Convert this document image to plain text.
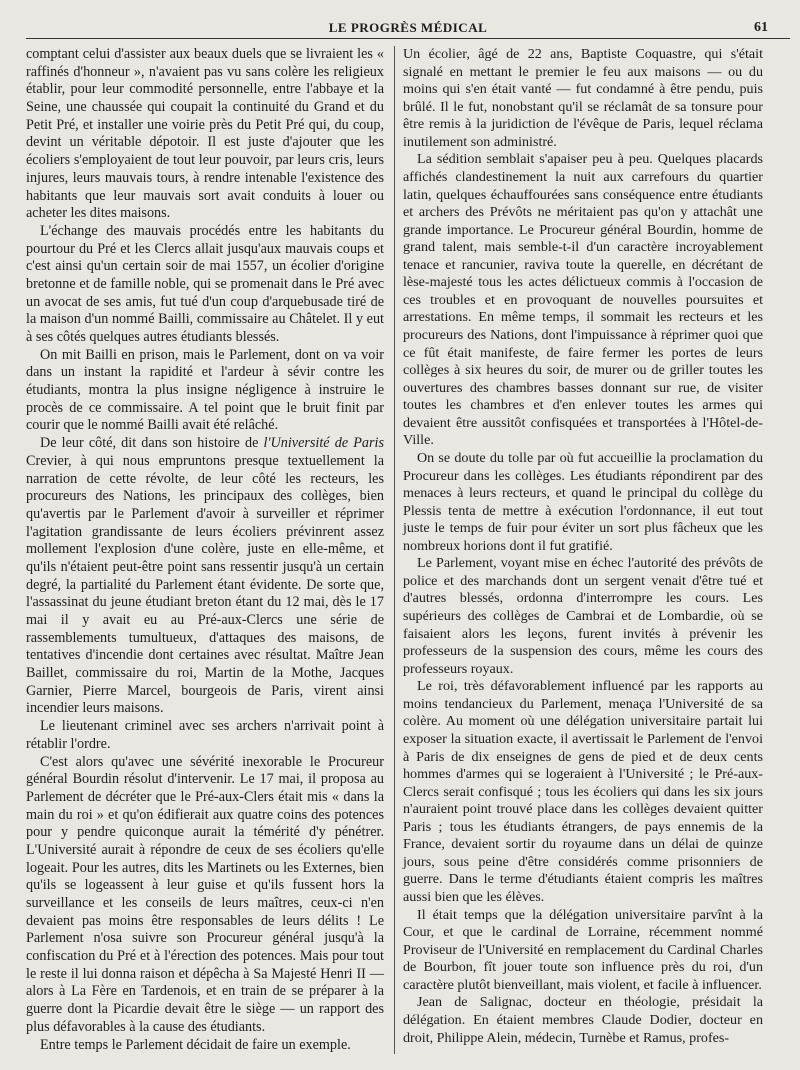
LE PROGRÈS MÉDICAL	61

comptant celui d'assister aux beaux duels que se livraient les « raffinés d'honneur », n'avaient pas vu sans colère les religieux établir, pour leur commodité personnelle, entre l'abbaye et la Seine, une chaussée qui coupait la continuité du Grand et du Petit Pré, et installer une voirie près du Petit Pré qui, du coup, devint un véritable dépotoir. Il est juste d'ajouter que les écoliers s'employaient de tout leur pouvoir, par leurs cris, leurs injures, leurs mauvais tours, à rendre intenable l'existence des habitants que leur mauvais sort avait conduits à louer ou acheter les dites maisons.

L'échange des mauvais procédés entre les habitants du pourtour du Pré et les Clercs allait jusqu'aux mauvais coups et c'est ainsi qu'un certain soir de mai 1557, un écolier d'origine bretonne et de famille noble, qui se promenait dans le Pré avec un avocat de ses amis, fut tué d'un coup d'arquebusade tiré de la maison d'un nommé Bailli, commissaire au Châtelet. Il y eut à ses côtés quelques autres étudiants blessés.

On mit Bailli en prison, mais le Parlement, dont on va voir dans un instant la rapidité et l'ardeur à sévir contre les étudiants, montra la plus insigne négligence à instruire le procès de ce commissaire. A tel point que le bruit finit par courir que le nommé Bailli avait été relâché.

De leur côté, dit dans son histoire de l'Université de Paris Crevier, à qui nous empruntons presque textuellement la narration de cette révolte, de leur côté les recteurs, les procureurs des Nations, les principaux des collèges, bien qu'avertis par le Parlement d'avoir à surveiller et réprimer l'agitation grandissante de leurs écoliers prévinrent assez mollement l'explosion d'une colère, juste en elle-même, et qu'ils n'étaient peut-être point sans ressentir jusqu'à un certain degré, la partialité du Parlement étant évidente. De sorte que, l'assassinat du jeune étudiant breton étant du 12 mai, dès le 17 mai il y avait eu au Pré-aux-Clercs une série de rassemblements tumultueux, d'attaques des maisons, de tentatives d'incendie dont certaines avec résultat. Maître Jean Baillet, commissaire du roi, Martin de la Mothe, Jacques Garnier, Pierre Marcel, bourgeois de Paris, virent ainsi incendier leurs maisons.

Le lieutenant criminel avec ses archers n'arrivait point à rétablir l'ordre.

C'est alors qu'avec une sévérité inexorable le Procureur général Bourdin résolut d'intervenir. Le 17 mai, il proposa au Parlement de décréter que le Pré-aux-Clers était mis « dans la main du roi » et qu'on édifierait aux quatre coins des potences pour y pendre quiconque aurait la témérité d'y pénétrer. L'Université aurait à répondre de ceux de ses écoliers qu'elle logeait. Pour les autres, dits les Martinets ou les Externes, bien qu'ils se logeassent à leur guise et qu'ils fussent hors la surveillance et les conseils de leurs maîtres, ceux-ci n'en devaient pas moins être responsables de leurs délits ! Le Parlement n'osa suivre son Procureur général jusqu'à la confiscation du Pré et à l'érection des potences. Mais pour tout le reste il lui donna raison et dépêcha à Sa Majesté Henri II — alors à La Fère en Tardenois, et en train de se préparer à la guerre dont la Picardie devait être le siège — un rapport des plus défavorables à la cause des étudiants.

Entre temps le Parlement décidait de faire un exemple.

Un écolier, âgé de 22 ans, Baptiste Coquastre, qui s'était signalé en mettant le premier le feu aux maisons — ou du moins qui s'en était vanté — fut condamné à être pendu, puis brûlé. Il le fut, nonobstant qu'il se réclamât de sa tonsure pour être remis à la juridiction de l'évêque de Paris, lequel réclama inutilement son administré.

La sédition semblait s'apaiser peu à peu. Quelques placards affichés clandestinement la nuit aux carrefours du quartier latin, quelques échauffourées sans conséquence entre étudiants et archers des Prévôts ne méritaient pas qu'on y attachât une grande importance. Le Procureur général Bourdin, homme de grand talent, mais semble-t-il d'un caractère incroyablement tenace et rancunier, raviva toute la querelle, en décrétant de lèse-majesté tous les actes délictueux commis à l'occasion de ces troubles et en provoquant de nouvelles poursuites et arrestations. En même temps, il sommait les recteurs et les procureurs des Nations, dont l'impuissance à réprimer quoi que ce fût était manifeste, de faire fermer les portes de leurs collèges à six heures du soir, de murer ou de griller toutes les ouvertures des chambres basses donnant sur rue, de visiter toutes les chambres et d'en enlever toutes les armes qui devaient être aussitôt confisquées et transportées à l'Hôtel-de-Ville.

On se doute du tolle par où fut accueillie la proclamation du Procureur dans les collèges. Les étudiants répondirent par des menaces à leurs recteurs, et quand le principal du collège du Plessis tenta de mettre à exécution l'ordonnance, il eut tout juste le temps de fuir pour éviter un sort plus fâcheux que les nombreux horions dont il fut gratifié.

Le Parlement, voyant mise en échec l'autorité des prévôts de police et des marchands dont un sergent venait d'être tué et d'autres blessés, ordonna d'interrompre les cours. Les supérieurs des collèges de Cambrai et de Lombardie, où se faisaient alors les leçons, furent invités à prévenir les professeurs de la suspension des cours, même les cours des professeurs royaux.

Le roi, très défavorablement influencé par les rapports au moins tendancieux du Parlement, menaça l'Université de sa colère. Au moment où une délégation universitaire partait lui exposer la situation exacte, il avertissait le Parlement de l'envoi à Paris de dix enseignes de gens de pied et de deux cents hommes d'armes qui se logeraient à l'Université ; le Pré-aux-Clercs serait confisqué ; tous les écoliers qui dans les six jours n'auraient point trouvé place dans les collèges devaient quitter Paris ; tous les étudiants étrangers, de pays ennemis de la France, devaient sortir du royaume dans un délai de quinze jours, sous peine d'être considérés comme prisonniers de guerre. Dans le terme d'étudiants étaient compris les maîtres aussi bien que les élèves.

Il était temps que la délégation universitaire parvînt à la Cour, et que le cardinal de Lorraine, récemment nommé Proviseur de l'Université en remplacement du Cardinal Charles de Bourbon, fît jouer toute son influence près du roi, d'un caractère plutôt bienveillant, mais violent, et facile à influencer.

Jean de Salignac, docteur en théologie, présidait la délégation. En étaient membres Claude Dodier, docteur en droit, Philippe Alein, médecin, Turnèbe et Ramus, profes-
